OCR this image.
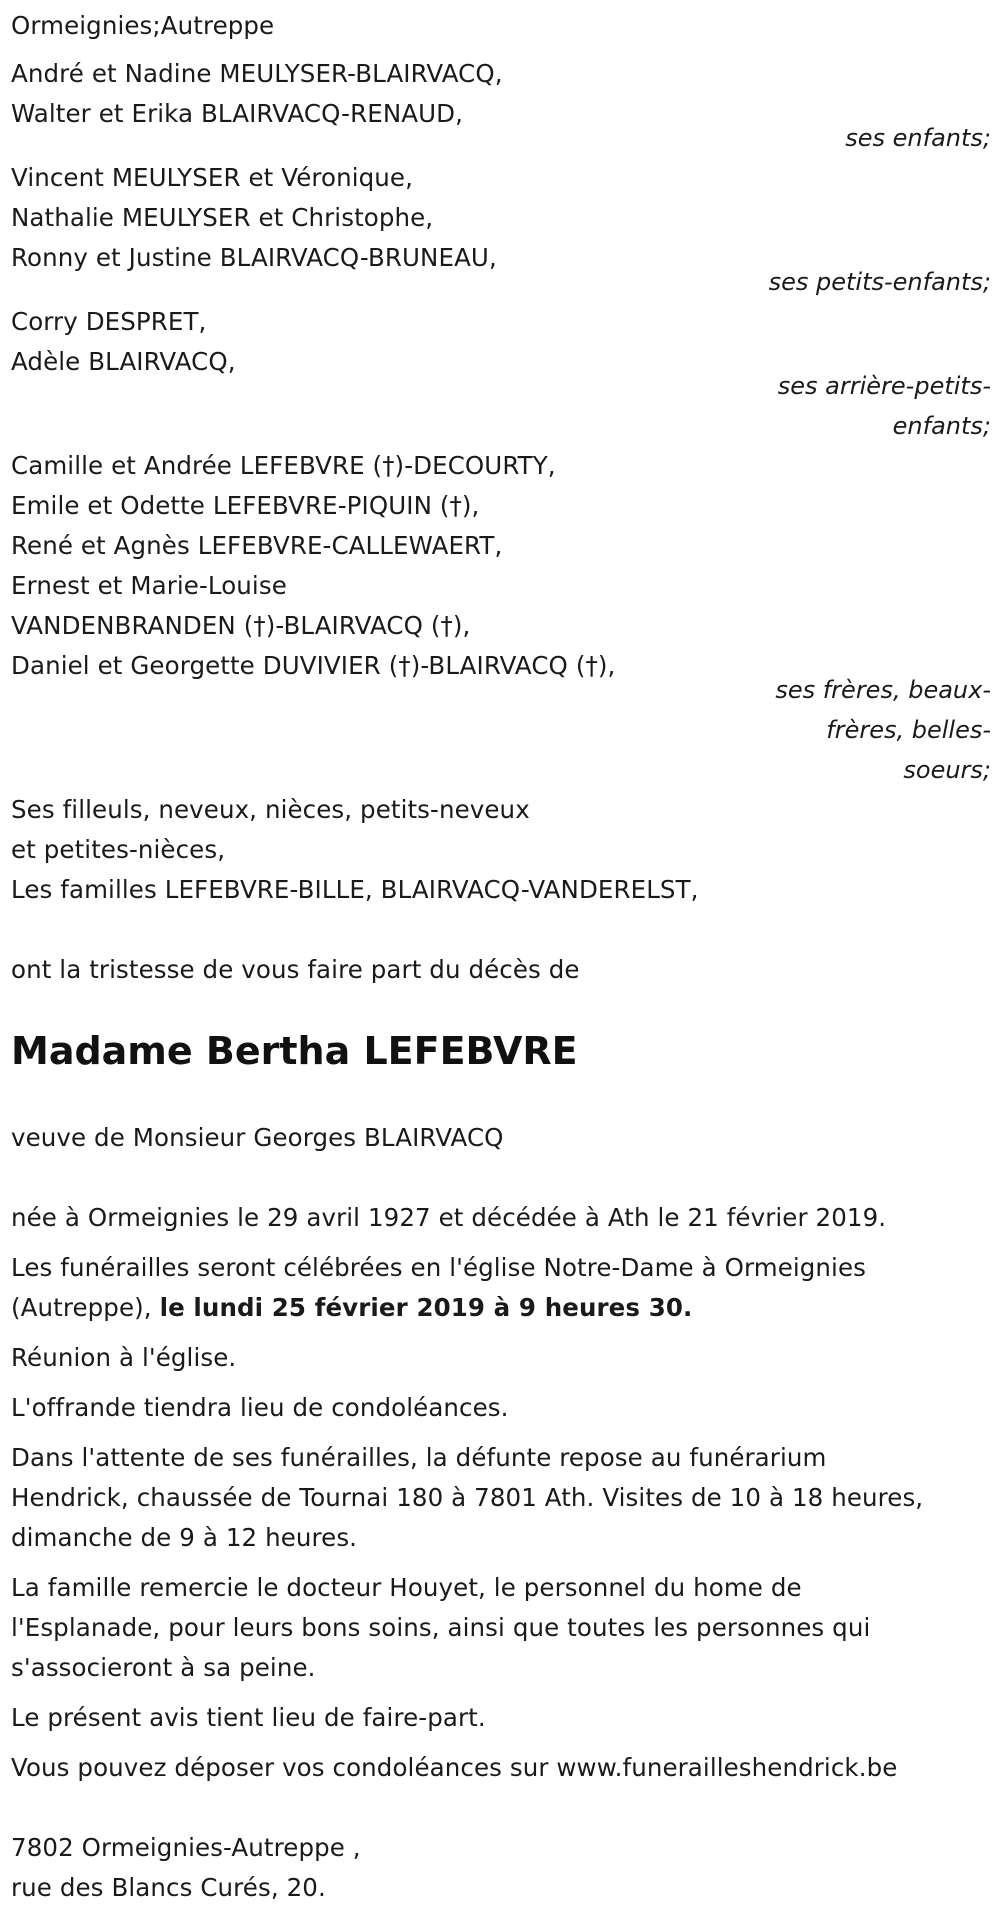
Ormeignies;Autreppe
André et Nadine MEULYSER-BLAIRVACQ,
Walter et Erika BLAIRVACQ-RENAUD,
ses enfants;
Vincent MEULYSER et Véronique,
Nathalie MEULYSER et Christophe,
Ronny et Justine BLAIRVACQ-BRUNEAU,
ses petits-enfants;
Corry DESPRET,
Adèle BLAIRVACQ,
ses arrière-petits-
enfants;
Camille et Andrée LEFEBVRE (†)-DECOURTY,
Emile et Odette LEFEBVRE-PIQUIN (†),
René et Agnès LEFEBVRE-CALLEWAERT,
Ernest et Marie-Louise
VANDENBRANDEN (†)-BLAIRVACQ (†),
Daniel et Georgette DUVIVIER (†)-BLAIRVACQ (†),
ses frères, beaux-
frères, belles-
soeurs;
Ses filleuls, neveux, nièces, petits-neveux
et petites-nièces,
Les familles LEFEBVRE-BILLE, BLAIRVACQ-VANDERELST,
ont la tristesse de vous faire part du décès de
Madame Bertha LEFEBVRE
veuve de Monsieur Georges BLAIRVACQ
née à Ormeignies le 29 avril 1927 et décédée à Ath le 21 février 2019.
Les funérailles seront célébrées en l'église Notre-Dame à Ormeignies
(Autreppe), le lundi 25 février 2019 à 9 heures 30.
Réunion à l'église.
L'offrande tiendra lieu de condoléances.
Dans l'attente de ses funérailles, la défunte repose au funérarium
Hendrick, chaussée de Tournai 180 à 7801 Ath. Visites de 10 à 18 heures,
dimanche de 9 à 12 heures.
La famille remercie le docteur Houyet, le personnel du home de
l'Esplanade, pour leurs bons soins, ainsi que toutes les personnes qui
s'associeront à sa peine.
Le présent avis tient lieu de faire-part.
Vous pouvez déposer vos condoléances sur www.funerailleshendrick.be
7802 Ormeignies-Autreppe ,
rue des Blancs Curés, 20.
